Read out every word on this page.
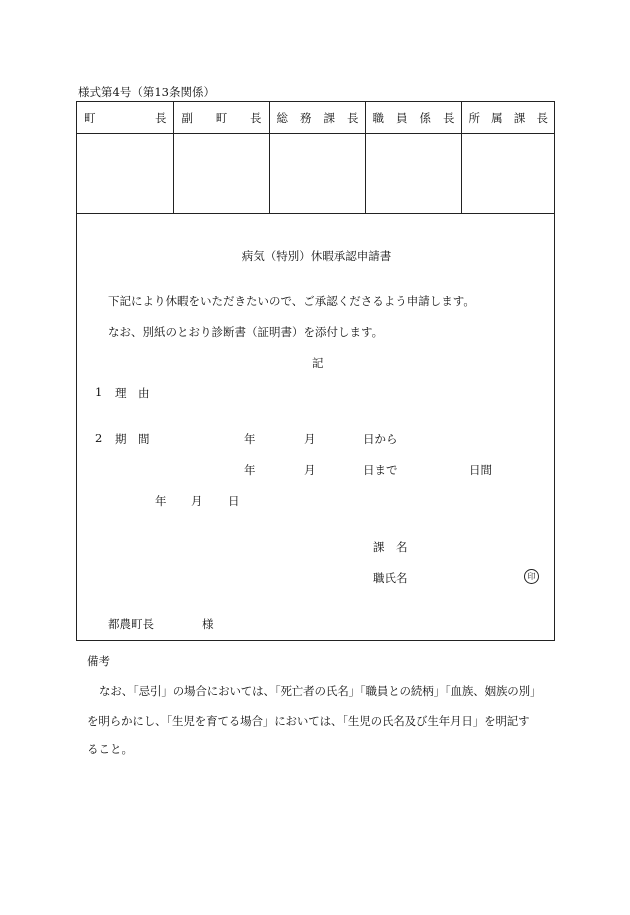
様式第4号（第13条関係）
町 長	副 町 長	総 務 課 長	職 員 係 長	所 属 課 長

病気（特別）休暇承認申請書
下記により休暇をいただきたいので、ご承認くださるよう申請します。
なお、別紙のとおり診断書（証明書）を添付します。
記
1 理　由
2 期　間	年	月	日から
年	月	日まで	日間
年 月 日
課　名
職氏名	印
都農町長	様
備考
なお、「忌引」の場合においては、「死亡者の氏名」「職員との続柄」「血族、姻族の別」
を明らかにし、「生児を育てる場合」においては、「生児の氏名及び生年月日」を明記す
ること。
